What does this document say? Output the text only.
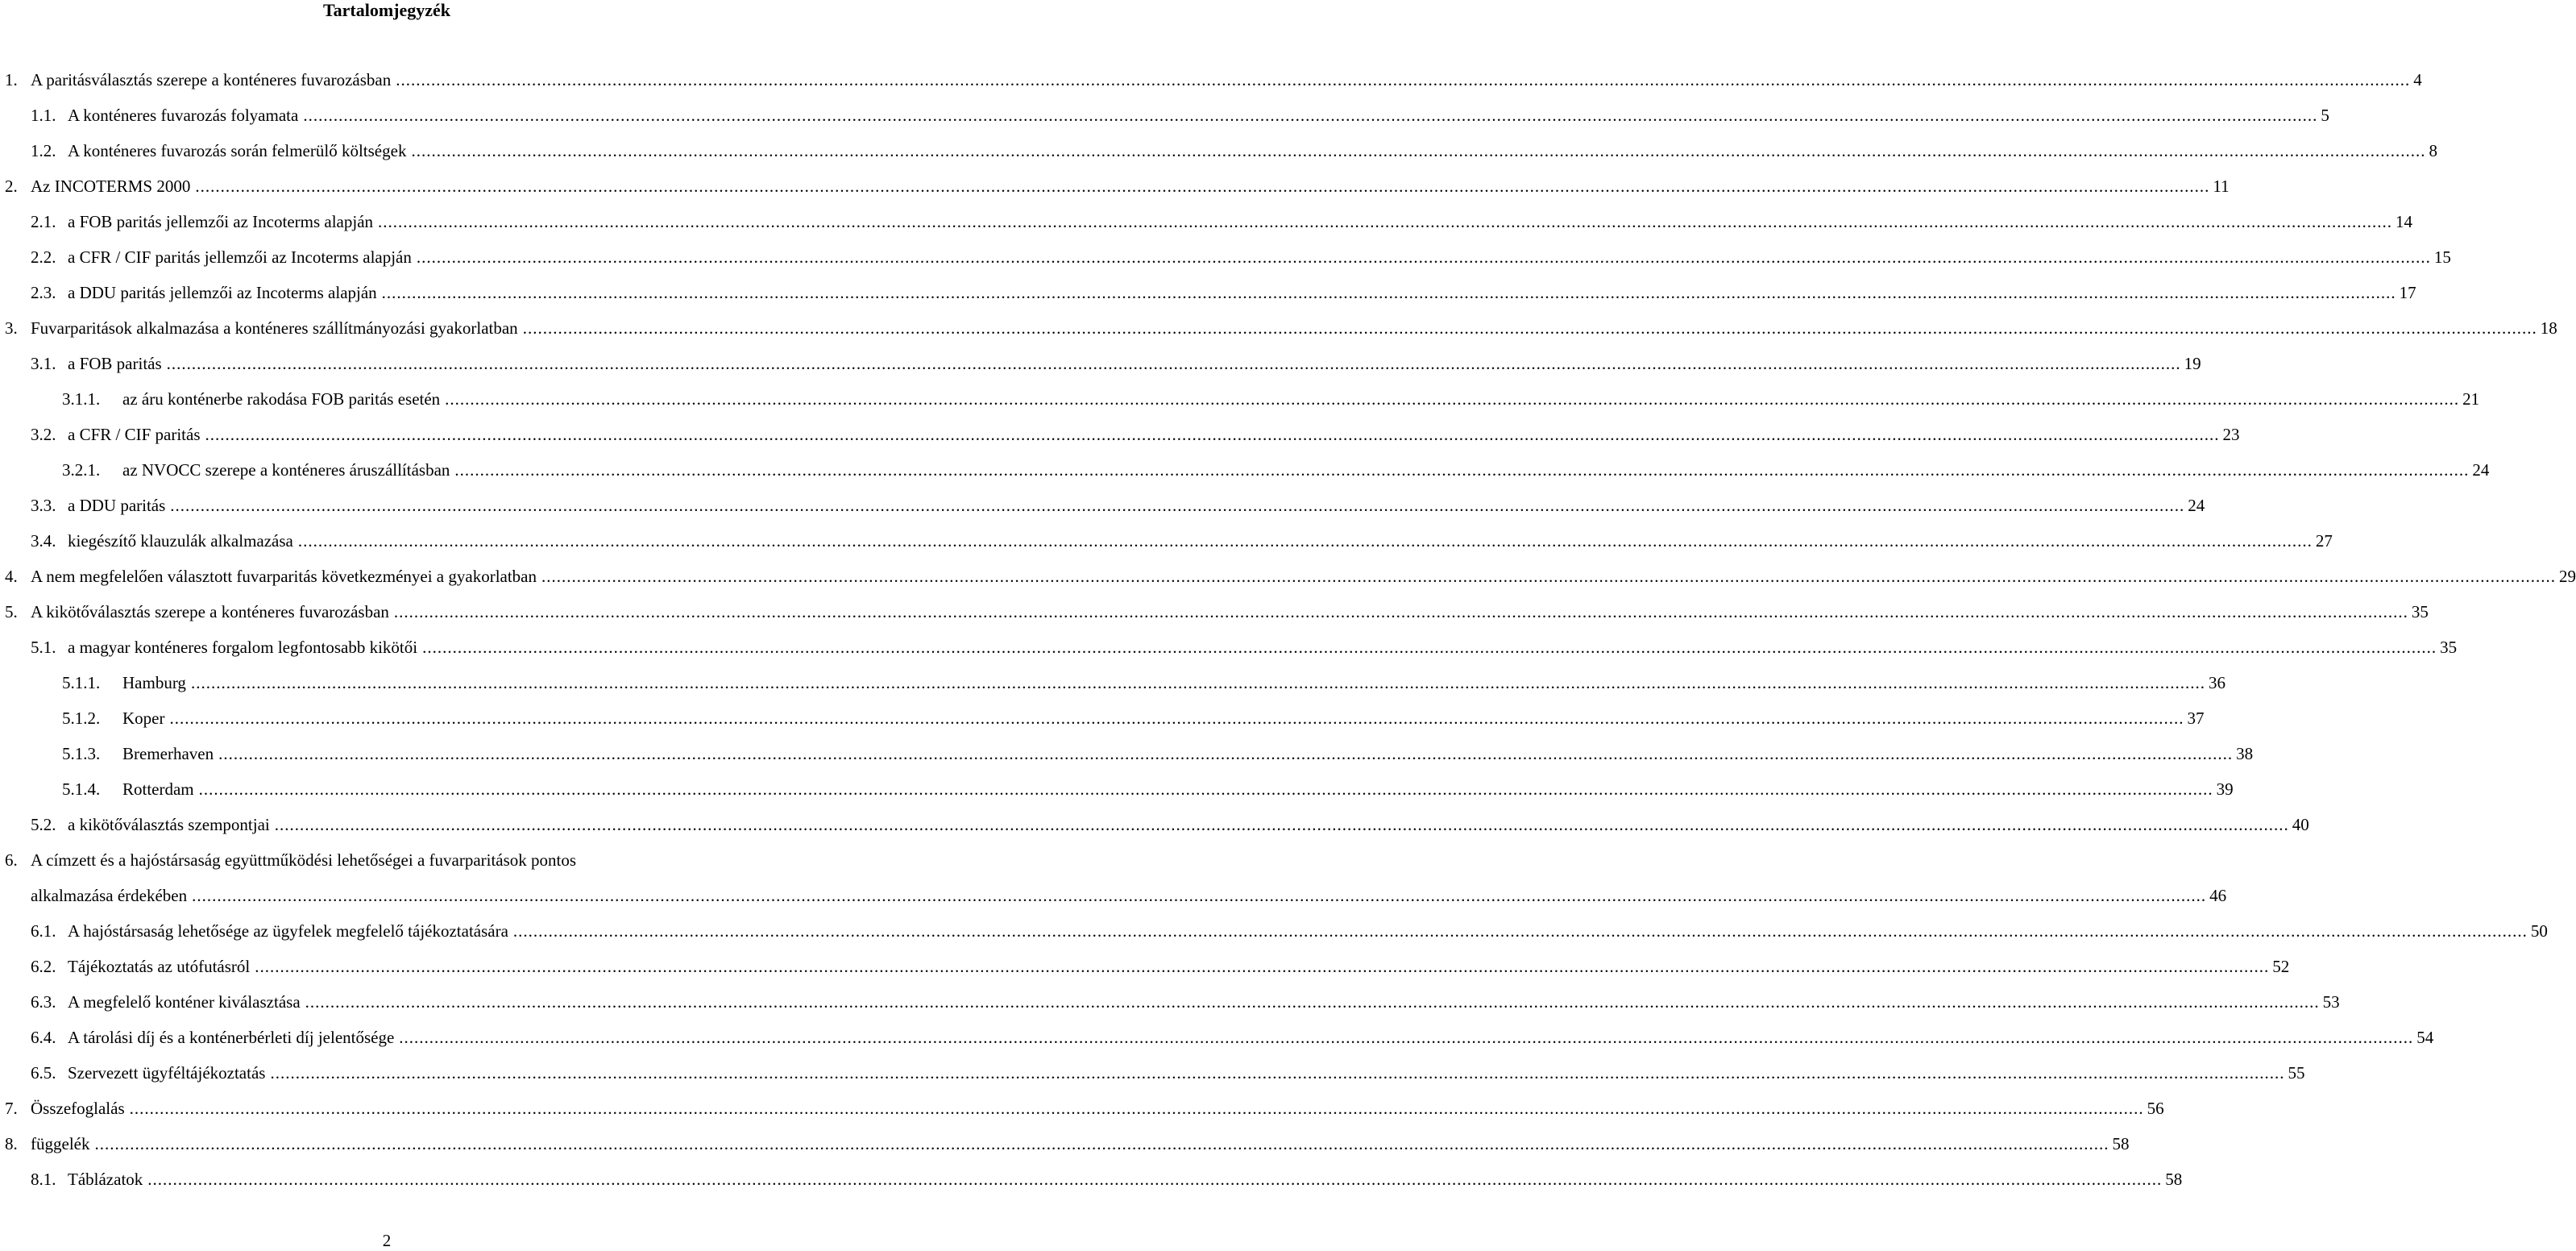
Tartalomjegyzék
1. A paritásválasztás szerepe a konténeres fuvarozásban ................................................................................................................................................................................................................................................................................................................................................................................................................ 4
1.1. A konténeres fuvarozás folyamata ................................................................................................................................................................................................................................................................................................................................................................................................................ 5
1.2. A konténeres fuvarozás során felmerülő költségek ................................................................................................................................................................................................................................................................................................................................................................................................................ 8
2. Az INCOTERMS 2000 ................................................................................................................................................................................................................................................................................................................................................................................................................ 11
2.1. a FOB paritás jellemzői az Incoterms alapján ................................................................................................................................................................................................................................................................................................................................................................................................................ 14
2.2. a CFR / CIF paritás jellemzői az Incoterms alapján ................................................................................................................................................................................................................................................................................................................................................................................................................ 15
2.3. a DDU paritás jellemzői az Incoterms alapján ................................................................................................................................................................................................................................................................................................................................................................................................................ 17
3. Fuvarparitások alkalmazása a konténeres szállítmányozási gyakorlatban ................................................................................................................................................................................................................................................................................................................................................................................................................ 18
3.1. a FOB paritás ................................................................................................................................................................................................................................................................................................................................................................................................................ 19
3.1.1. az áru konténerbe rakodása FOB paritás esetén ................................................................................................................................................................................................................................................................................................................................................................................................................ 21
3.2. a CFR / CIF paritás ................................................................................................................................................................................................................................................................................................................................................................................................................ 23
3.2.1. az NVOCC szerepe a konténeres áruszállításban ................................................................................................................................................................................................................................................................................................................................................................................................................ 24
3.3. a DDU paritás ................................................................................................................................................................................................................................................................................................................................................................................................................ 24
3.4. kiegészítő klauzulák alkalmazása ................................................................................................................................................................................................................................................................................................................................................................................................................ 27
4. A nem megfelelően választott fuvarparitás következményei a gyakorlatban ................................................................................................................................................................................................................................................................................................................................................................................................................ 29
5. A kikötőválasztás szerepe a konténeres fuvarozásban ................................................................................................................................................................................................................................................................................................................................................................................................................ 35
5.1. a magyar konténeres forgalom legfontosabb kikötői ................................................................................................................................................................................................................................................................................................................................................................................................................ 35
5.1.1. Hamburg ................................................................................................................................................................................................................................................................................................................................................................................................................ 36
5.1.2. Koper ................................................................................................................................................................................................................................................................................................................................................................................................................ 37
5.1.3. Bremerhaven ................................................................................................................................................................................................................................................................................................................................................................................................................ 38
5.1.4. Rotterdam ................................................................................................................................................................................................................................................................................................................................................................................................................ 39
5.2. a kikötőválasztás szempontjai ................................................................................................................................................................................................................................................................................................................................................................................................................ 40
6. A címzett és a hajóstársaság együttműködési lehetőségei a fuvarparitások pontos
alkalmazása érdekében ................................................................................................................................................................................................................................................................................................................................................................................................................ 46
6.1. A hajóstársaság lehetősége az ügyfelek megfelelő tájékoztatására ................................................................................................................................................................................................................................................................................................................................................................................................................ 50
6.2. Tájékoztatás az utófutásról ................................................................................................................................................................................................................................................................................................................................................................................................................ 52
6.3. A megfelelő konténer kiválasztása ................................................................................................................................................................................................................................................................................................................................................................................................................ 53
6.4. A tárolási díj és a konténerbérleti díj jelentősége ................................................................................................................................................................................................................................................................................................................................................................................................................ 54
6.5. Szervezett ügyféltájékoztatás ................................................................................................................................................................................................................................................................................................................................................................................................................ 55
7. Összefoglalás ................................................................................................................................................................................................................................................................................................................................................................................................................ 56
8. függelék ................................................................................................................................................................................................................................................................................................................................................................................................................ 58
8.1. Táblázatok ................................................................................................................................................................................................................................................................................................................................................................................................................ 58
2
